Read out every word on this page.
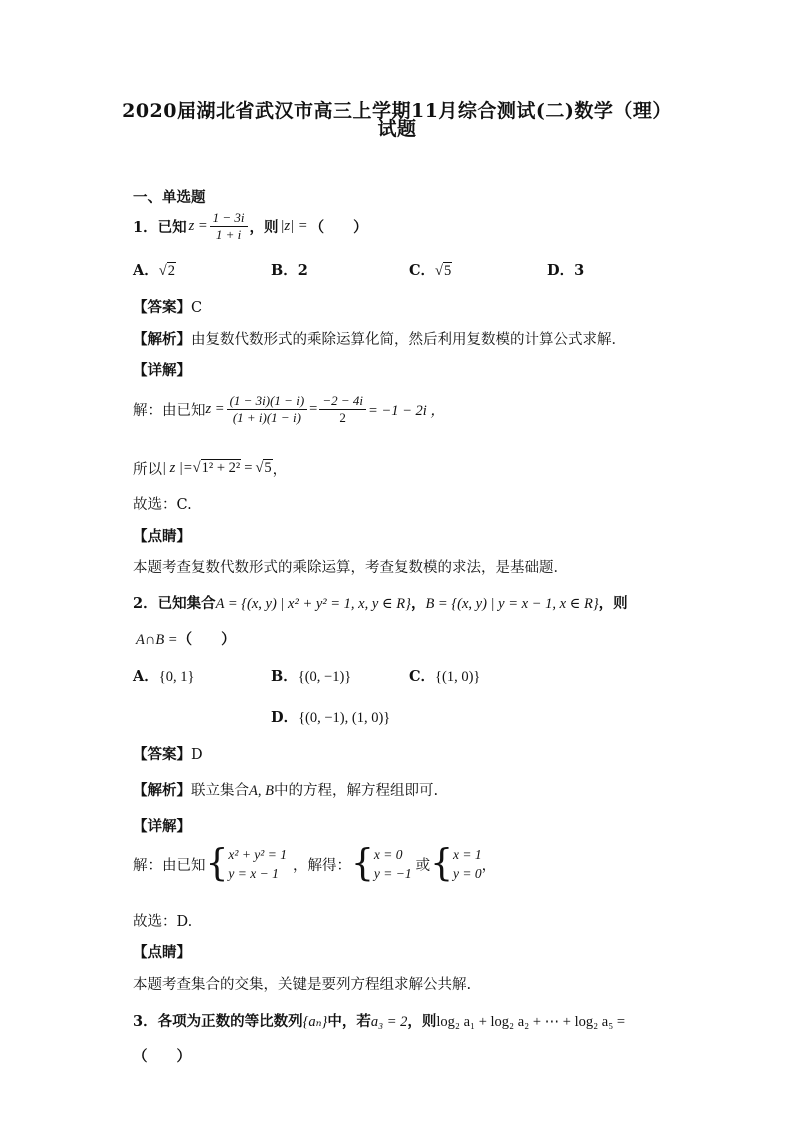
2020届湖北省武汉市高三上学期11月综合测试(二)数学（理）
试题
一、单选题
1．已知 $z = \frac{1 - 3i}{1 + i}$ ，则 |z| = （　　）
A．√2	B．2	C．√5	D．3
【答案】C
【解析】由复数代数形式的乘除运算化简，然后利用复数模的计算公式求解．
【详解】
解：由已知 $z = \frac{(1 - 3i)(1 - i)}{(1 + i)(1 - i)} = \frac{-2 - 4i}{2} = -1 - 2i$ ，
所以 | z |= √1² + 2² = √5 ，
故选：C.
【点睛】
本题考查复数代数形式的乘除运算，考查复数模的求法，是基础题．
2．已知集合A = {(x, y) | x² + y² = 1, x, y ∈ R}，B = {(x, y) | y = x − 1, x ∈ R}，则
A∩B =（　　）
A．{0, 1}	B．{(0, −1)}	C．{(1, 0)}
D．{(0, −1), (1, 0)}
【答案】D
【解析】联立集合A, B中的方程，解方程组即可.
【详解】
解：由已知 { x² + y² = 1
y = x − 1 ，解得： { x = 0
y = −1 或 { x = 1
y = 0 ，
故选：D.
【点睛】
本题考查集合的交集，关键是要列方程组求解公共解.
3．各项为正数的等比数列{aₙ}中，若a₃ = 2，则log₂ a₁ + log₂ a₂ + ⋯ + log₂ a₅ =
（　　）
